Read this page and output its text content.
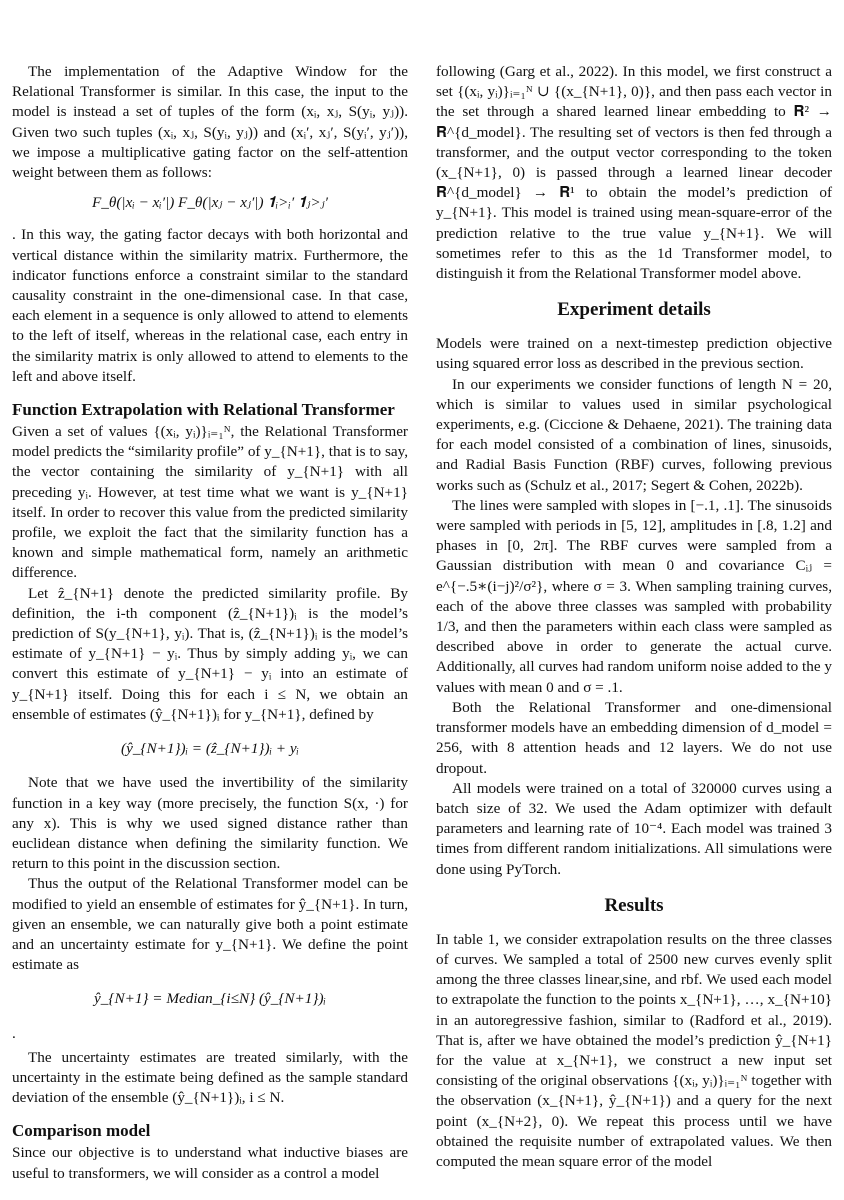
The implementation of the Adaptive Window for the Relational Transformer is similar. In this case, the input to the model is instead a set of tuples of the form (xᵢ, xⱼ, S(yᵢ, yⱼ)). Given two such tuples (xᵢ, xⱼ, S(yᵢ, yⱼ)) and (xᵢ′, xⱼ′, S(yᵢ′, yⱼ′)), we impose a multiplicative gating factor on the self-attention weight between them as follows:

F_θ(|xᵢ − xᵢ′|) F_θ(|xⱼ − xⱼ′|) 𝟏ᵢ>ᵢ′ 𝟏ⱼ>ⱼ′

. In this way, the gating factor decays with both horizontal and vertical distance within the similarity matrix. Furthermore, the indicator functions enforce a constraint similar to the standard causality constraint in the one-dimensional case. In that case, each element in a sequence is only allowed to attend to elements to the left of itself, whereas in the relational case, each entry in the similarity matrix is only allowed to attend to elements to the left and above itself.

Function Extrapolation with Relational Transformer

Given a set of values {(xᵢ, yᵢ)}ᵢ₌₁ᴺ, the Relational Transformer model predicts the “similarity profile” of y_{N+1}, that is to say, the vector containing the similarity of y_{N+1} with all preceding yᵢ. However, at test time what we want is y_{N+1} itself. In order to recover this value from the predicted similarity profile, we exploit the fact that the similarity function has a known and simple mathematical form, namely an arithmetic difference.

Let ẑ_{N+1} denote the predicted similarity profile. By definition, the i-th component (ẑ_{N+1})ᵢ is the model’s prediction of S(y_{N+1}, yᵢ). That is, (ẑ_{N+1})ᵢ is the model’s estimate of y_{N+1} − yᵢ. Thus by simply adding yᵢ, we can convert this estimate of y_{N+1} − yᵢ into an estimate of y_{N+1} itself. Doing this for each i ≤ N, we obtain an ensemble of estimates (ŷ_{N+1})ᵢ for y_{N+1}, defined by

(ŷ_{N+1})ᵢ = (ẑ_{N+1})ᵢ + yᵢ

Note that we have used the invertibility of the similarity function in a key way (more precisely, the function S(x, ·) for any x). This is why we used signed distance rather than euclidean distance when defining the similarity function. We return to this point in the discussion section.

Thus the output of the Relational Transformer model can be modified to yield an ensemble of estimates for ŷ_{N+1}. In turn, given an ensemble, we can naturally give both a point estimate and an uncertainty estimate for y_{N+1}. We define the point estimate as

ŷ_{N+1} = Median_{i≤N} (ŷ_{N+1})ᵢ
.

The uncertainty estimates are treated similarly, with the uncertainty in the estimate being defined as the sample standard deviation of the ensemble (ŷ_{N+1})ᵢ, i ≤ N.

Comparison model

Since our objective is to understand what inductive biases are useful to transformers, we will consider as a control a model

following (Garg et al., 2022). In this model, we first construct a set {(xᵢ, yᵢ)}ᵢ₌₁ᴺ ∪ {(x_{N+1}, 0)}, and then pass each vector in the set through a shared learned linear embedding to 𝐑² → 𝐑^{d_model}. The resulting set of vectors is then fed through a transformer, and the output vector corresponding to the token (x_{N+1}, 0) is passed through a learned linear decoder 𝐑^{d_model} → 𝐑¹ to obtain the model’s prediction of y_{N+1}. This model is trained using mean-square-error of the prediction relative to the true value y_{N+1}. We will sometimes refer to this as the 1d Transformer model, to distinguish it from the Relational Transformer model above.

Experiment details

Models were trained on a next-timestep prediction objective using squared error loss as described in the previous section.

In our experiments we consider functions of length N = 20, which is similar to values used in similar psychological experiments, e.g. (Ciccione & Dehaene, 2021). The training data for each model consisted of a combination of lines, sinusoids, and Radial Basis Function (RBF) curves, following previous works such as (Schulz et al., 2017; Segert & Cohen, 2022b).

The lines were sampled with slopes in [−.1, .1]. The sinusoids were sampled with periods in [5, 12], amplitudes in [.8, 1.2] and phases in [0, 2π]. The RBF curves were sampled from a Gaussian distribution with mean 0 and covariance Cᵢⱼ = e^{−.5∗(i−j)²/σ²}, where σ = 3. When sampling training curves, each of the above three classes was sampled with probability 1/3, and then the parameters within each class were sampled as described above in order to generate the actual curve. Additionally, all curves had random uniform noise added to the y values with mean 0 and σ = .1.

Both the Relational Transformer and one-dimensional transformer models have an embedding dimension of d_model = 256, with 8 attention heads and 12 layers. We do not use dropout.

All models were trained on a total of 320000 curves using a batch size of 32. We used the Adam optimizer with default parameters and learning rate of 10⁻⁴. Each model was trained 3 times from different random initializations. All simulations were done using PyTorch.

Results

In table 1, we consider extrapolation results on the three classes of curves. We sampled a total of 2500 new curves evenly split among the three classes linear,sine, and rbf. We used each model to extrapolate the function to the points x_{N+1}, …, x_{N+10} in an autoregressive fashion, similar to (Radford et al., 2019). That is, after we have obtained the model’s prediction ŷ_{N+1} for the value at x_{N+1}, we construct a new input set consisting of the original observations {(xᵢ, yᵢ)}ᵢ₌₁ᴺ together with the observation (x_{N+1}, ŷ_{N+1}) and a query for the next point (x_{N+2}, 0). We repeat this process until we have obtained the requisite number of extrapolated values. We then computed the mean square error of the model
